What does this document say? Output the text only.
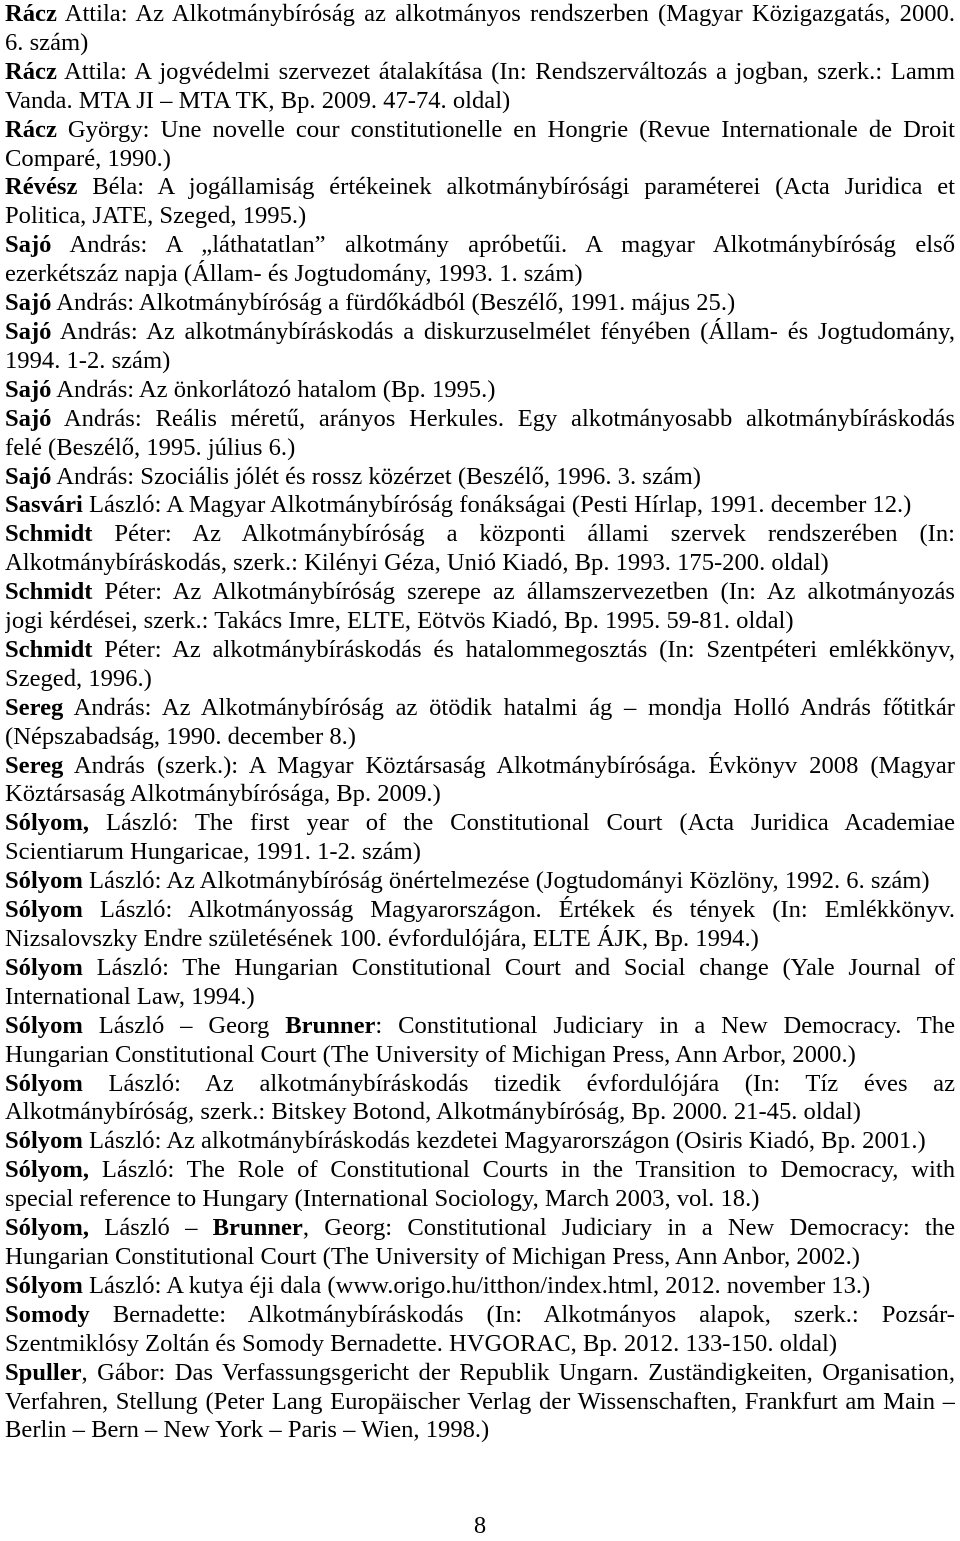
Rácz Attila: Az Alkotmánybíróság az alkotmányos rendszerben (Magyar Közigazgatás, 2000.
6. szám)
Rácz Attila: A jogvédelmi szervezet átalakítása (In: Rendszerváltozás a jogban, szerk.: Lamm
Vanda. MTA JI – MTA TK, Bp. 2009. 47-74. oldal)
Rácz György: Une novelle cour constitutionelle en Hongrie (Revue Internationale de Droit
Comparé, 1990.)
Révész Béla: A jogállamiság értékeinek alkotmánybírósági paraméterei (Acta Juridica et
Politica, JATE, Szeged, 1995.)
Sajó András: A „láthatatlan” alkotmány apróbetűi. A magyar Alkotmánybíróság első
ezerkétszáz napja (Állam- és Jogtudomány, 1993. 1. szám)
Sajó András: Alkotmánybíróság a fürdőkádból (Beszélő, 1991. május 25.)
Sajó András: Az alkotmánybíráskodás a diskurzuselmélet fényében (Állam- és Jogtudomány,
1994. 1-2. szám)
Sajó András: Az önkorlátozó hatalom (Bp. 1995.)
Sajó András: Reális méretű, arányos Herkules. Egy alkotmányosabb alkotmánybíráskodás
felé (Beszélő, 1995. július 6.)
Sajó András: Szociális jólét és rossz közérzet (Beszélő, 1996. 3. szám)
Sasvári László: A Magyar Alkotmánybíróság fonákságai (Pesti Hírlap, 1991. december 12.)
Schmidt Péter: Az Alkotmánybíróság a központi állami szervek rendszerében (In:
Alkotmánybíráskodás, szerk.: Kilényi Géza, Unió Kiadó, Bp. 1993. 175-200. oldal)
Schmidt Péter: Az Alkotmánybíróság szerepe az államszervezetben (In: Az alkotmányozás
jogi kérdései, szerk.: Takács Imre, ELTE, Eötvös Kiadó, Bp. 1995. 59-81. oldal)
Schmidt Péter: Az alkotmánybíráskodás és hatalommegosztás (In: Szentpéteri emlékkönyv,
Szeged, 1996.)
Sereg András: Az Alkotmánybíróság az ötödik hatalmi ág – mondja Holló András főtitkár
(Népszabadság, 1990. december 8.)
Sereg András (szerk.): A Magyar Köztársaság Alkotmánybírósága. Évkönyv 2008 (Magyar
Köztársaság Alkotmánybírósága, Bp. 2009.)
Sólyom, László: The first year of the Constitutional Court (Acta Juridica Academiae
Scientiarum Hungaricae, 1991. 1-2. szám)
Sólyom László: Az Alkotmánybíróság önértelmezése (Jogtudományi Közlöny, 1992. 6. szám)
Sólyom László: Alkotmányosság Magyarországon. Értékek és tények (In: Emlékkönyv.
Nizsalovszky Endre születésének 100. évfordulójára, ELTE ÁJK, Bp. 1994.)
Sólyom László: The Hungarian Constitutional Court and Social change (Yale Journal of
International Law, 1994.)
Sólyom László – Georg Brunner: Constitutional Judiciary in a New Democracy. The
Hungarian Constitutional Court (The University of Michigan Press, Ann Arbor, 2000.)
Sólyom László: Az alkotmánybíráskodás tizedik évfordulójára (In: Tíz éves az
Alkotmánybíróság, szerk.: Bitskey Botond, Alkotmánybíróság, Bp. 2000. 21-45. oldal)
Sólyom László: Az alkotmánybíráskodás kezdetei Magyarországon (Osiris Kiadó, Bp. 2001.)
Sólyom, László: The Role of Constitutional Courts in the Transition to Democracy, with
special reference to Hungary (International Sociology, March 2003, vol. 18.)
Sólyom, László – Brunner, Georg: Constitutional Judiciary in a New Democracy: the
Hungarian Constitutional Court (The University of Michigan Press, Ann Anbor, 2002.)
Sólyom László: A kutya éji dala (www.origo.hu/itthon/index.html, 2012. november 13.)
Somody Bernadette: Alkotmánybíráskodás (In: Alkotmányos alapok, szerk.: Pozsár-
Szentmiklósy Zoltán és Somody Bernadette. HVGORAC, Bp. 2012. 133-150. oldal)
Spuller, Gábor: Das Verfassungsgericht der Republik Ungarn. Zuständigkeiten, Organisation,
Verfahren, Stellung (Peter Lang Europäischer Verlag der Wissenschaften, Frankfurt am Main –
Berlin – Bern – New York – Paris – Wien, 1998.)
8
